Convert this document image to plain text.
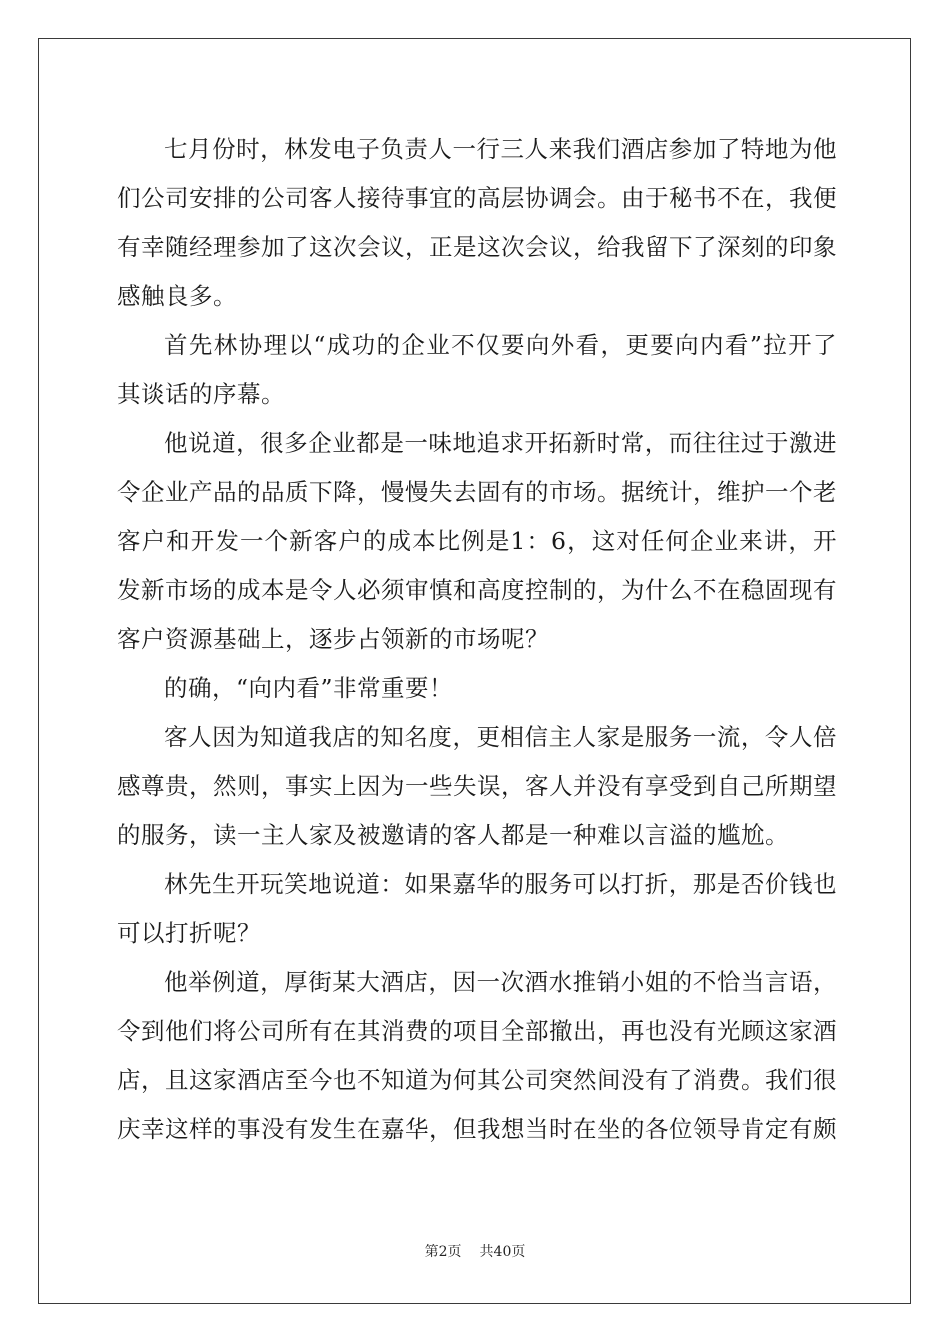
七月份时，林发电子负责人一行三人来我们酒店参加了特地为他们公司安排的公司客人接待事宜的高层协调会。由于秘书不在，我便有幸随经理参加了这次会议，正是这次会议，给我留下了深刻的印象感触良多。

首先林协理以“成功的企业不仅要向外看，更要向内看”拉开了其谈话的序幕。

他说道，很多企业都是一味地追求开拓新时常，而往往过于激进令企业产品的品质下降，慢慢失去固有的市场。据统计，维护一个老客户和开发一个新客户的成本比例是1：6，这对任何企业来讲，开发新市场的成本是令人必须审慎和高度控制的，为什么不在稳固现有客户资源基础上，逐步占领新的市场呢？

的确，“向内看”非常重要！

客人因为知道我店的知名度，更相信主人家是服务一流，令人倍感尊贵，然则，事实上因为一些失误，客人并没有享受到自己所期望的服务，读一主人家及被邀请的客人都是一种难以言溢的尴尬。

林先生开玩笑地说道：如果嘉华的服务可以打折，那是否价钱也可以打折呢？

他举例道，厚街某大酒店，因一次酒水推销小姐的不恰当言语，令到他们将公司所有在其消费的项目全部撤出，再也没有光顾这家酒店，且这家酒店至今也不知道为何其公司突然间没有了消费。我们很庆幸这样的事没有发生在嘉华，但我想当时在坐的各位领导肯定有颇

第2页 共40页
